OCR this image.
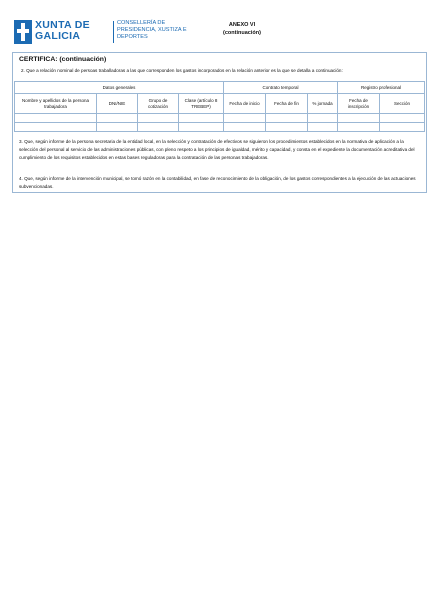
XUNTA DE GALICIA
CONSELLERÍA DE PRESIDENCIA, XUSTIZA E DEPORTES
ANEXO VI
(continuación)
CERTIFICA: (continuación)
2. Que a relación nominal de persoas traballadoras a las que corresponden los gastos incorporados en la relación anterior es la que se detalla a continuación:
Datos generales				Contrato temporal			Registro profesional	
Nombre y apellidos de la persona trabajadora	DNI/NIE	Grupo de cotización	Clase (artículo 8 TREBEP)	Fecha de inicio	Fecha de fin	% jornada	Fecha de inscripción	Sección

3. Que, según informe de la persona secretaria de la entidad local, en la selección y contratación de efectivos se siguieron los procedimientos establecidos en la normativa de aplicación a la selección del personal al servicio de las administraciones públicas, con pleno respeto a los principios de igualdad, mérito y capacidad, y consta en el expediente la documentación acreditativa del cumplimiento de los requisitos establecidos en estas bases reguladoras para la contratación de las personas trabajadoras.
4. Que, según informe de la intervención municipal, se tomó razón en la contabilidad, en fase de reconocimiento de la obligación, de los gastos correspondientes a la ejecución de las actuaciones subvencionadas.
